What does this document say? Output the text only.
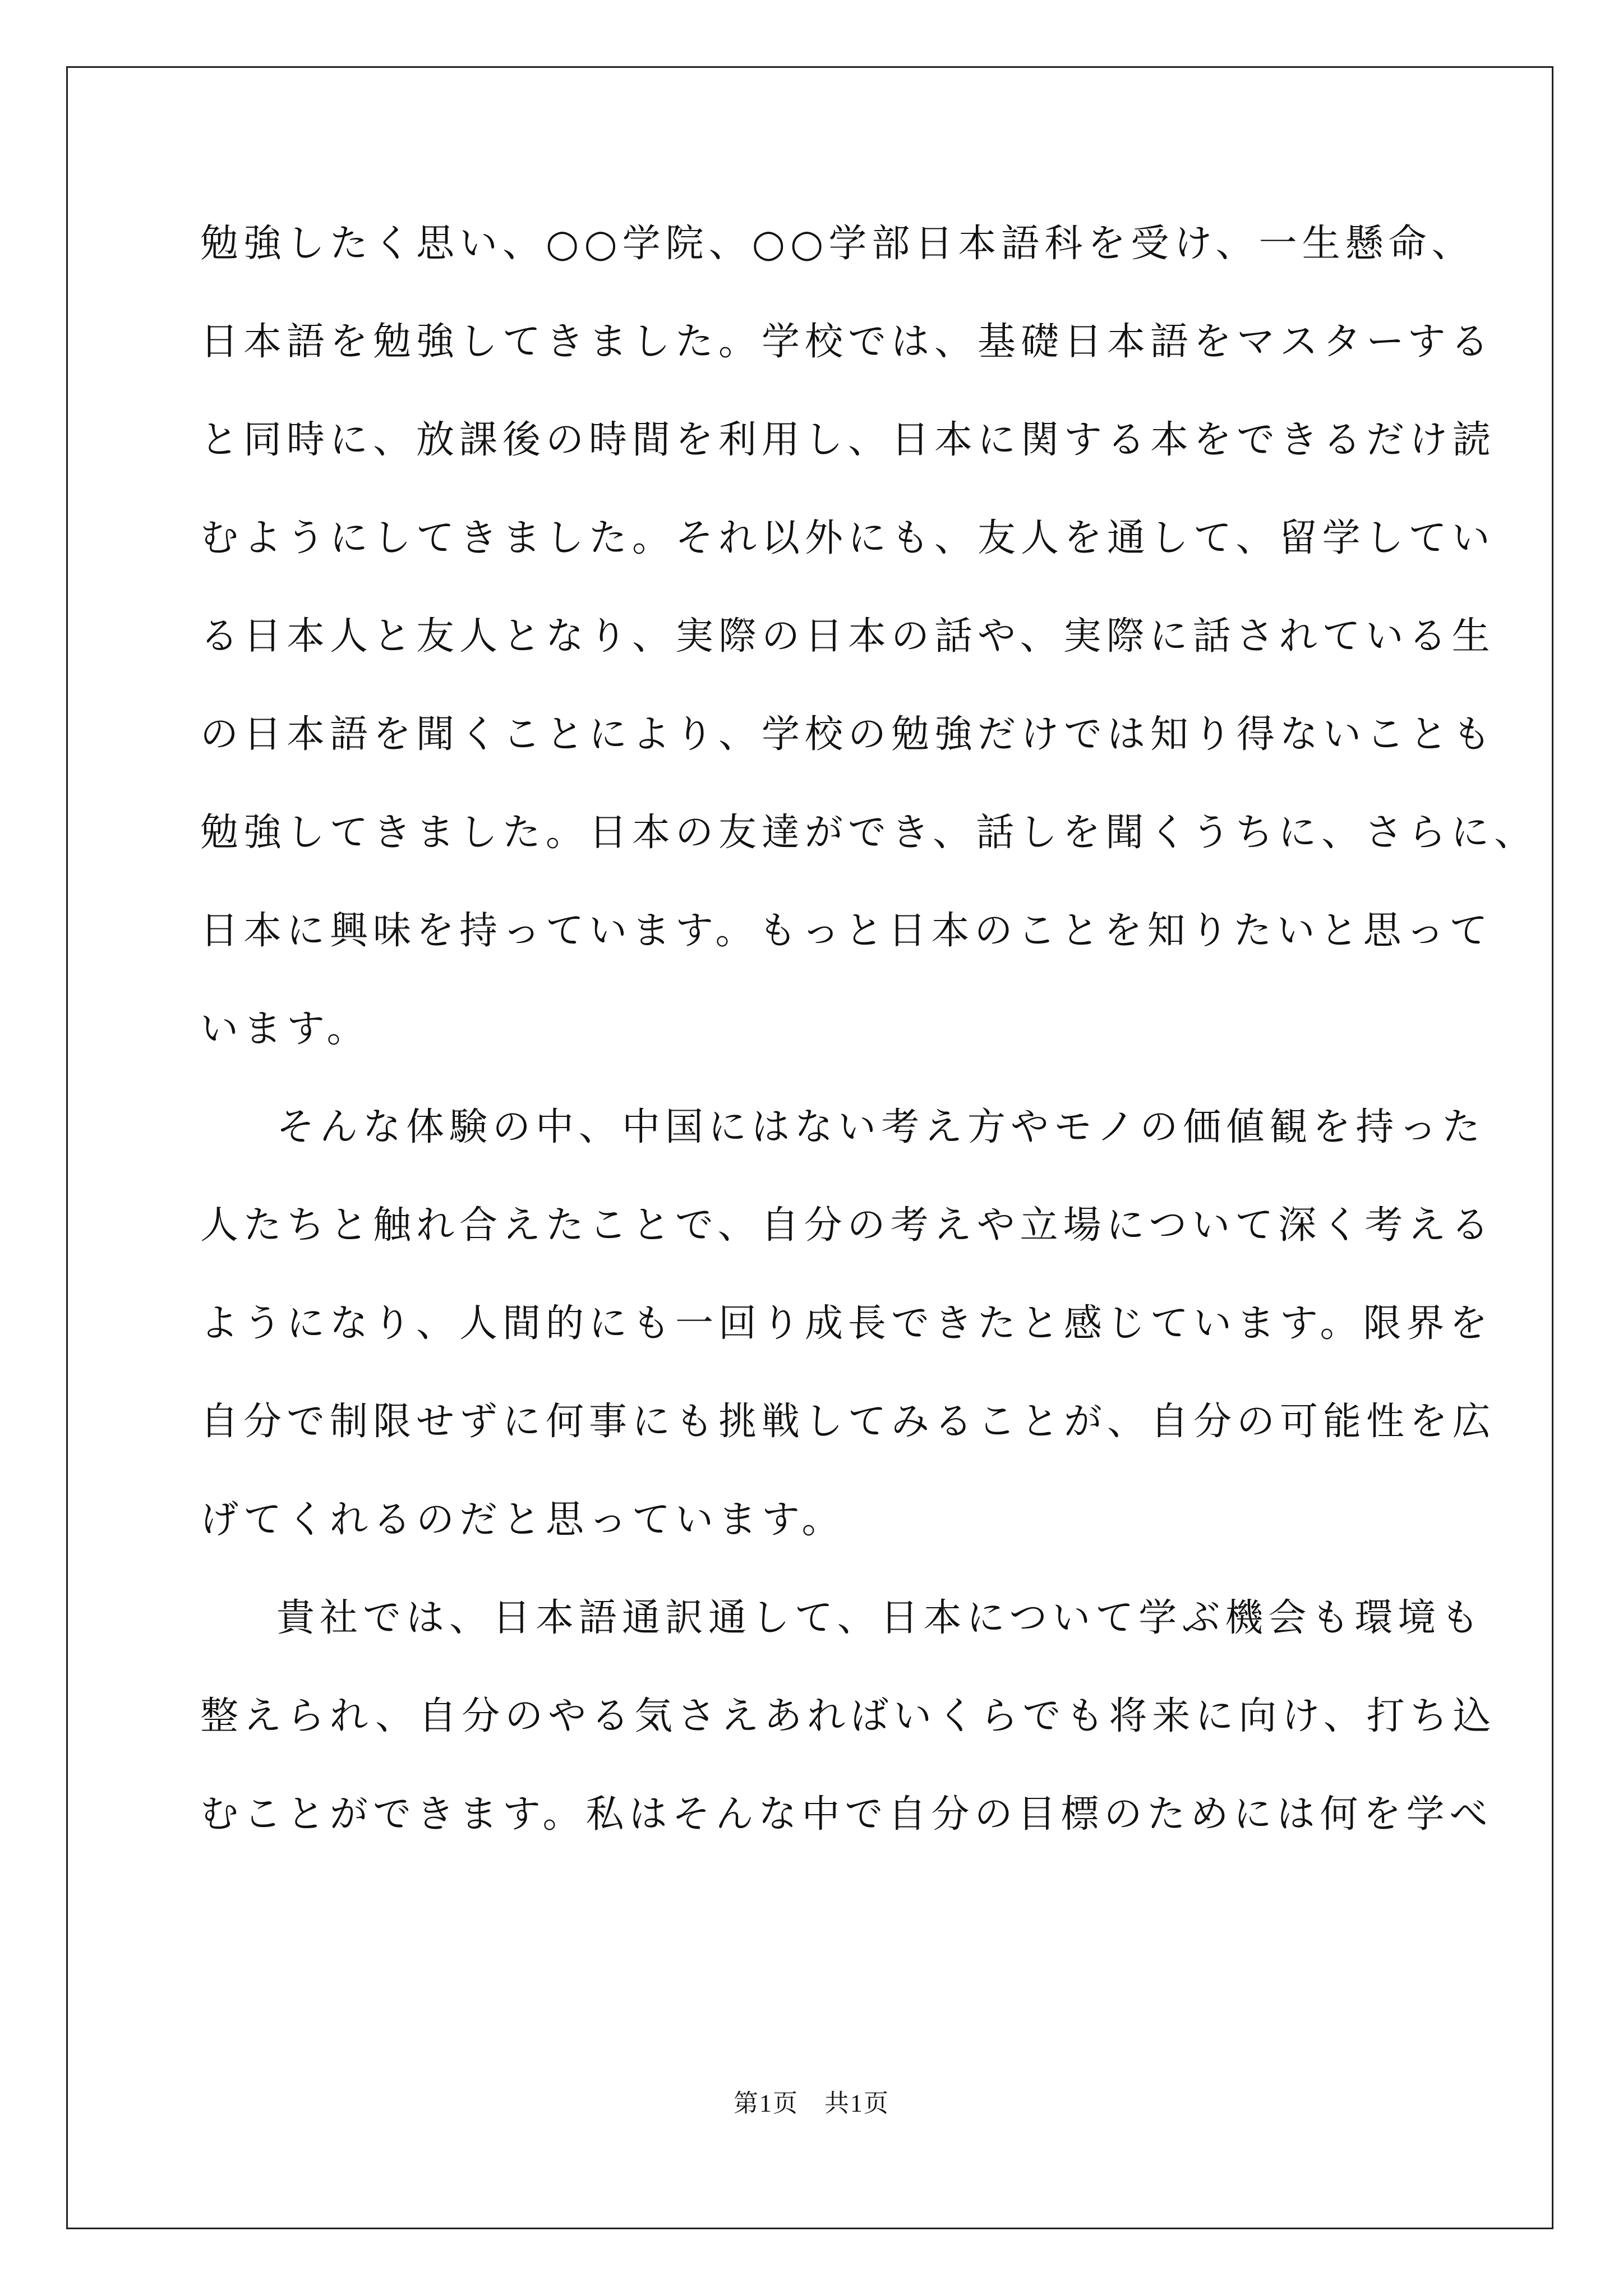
勉強したく思い、○○学院、○○学部日本語科を受け、一生懸命、
日本語を勉強してきました。学校では、基礎日本語をマスターする
と同時に、放課後の時間を利用し、日本に関する本をできるだけ読
むようにしてきました。それ以外にも、友人を通して、留学してい
る日本人と友人となり、実際の日本の話や、実際に話されている生
の日本語を聞くことにより、学校の勉強だけでは知り得ないことも
勉強してきました。日本の友達ができ、話しを聞くうちに、さらに、
日本に興味を持っています。もっと日本のことを知りたいと思って
います。
そんな体験の中、中国にはない考え方やモノの価値観を持った
人たちと触れ合えたことで、自分の考えや立場について深く考える
ようになり、人間的にも一回り成長できたと感じています。限界を
自分で制限せずに何事にも挑戦してみることが、自分の可能性を広
げてくれるのだと思っています。
貴社では、日本語通訳通して、日本について学ぶ機会も環境も
整えられ、自分のやる気さえあればいくらでも将来に向け、打ち込
むことができます。私はそんな中で自分の目標のためには何を学べ
第1页　共1页
